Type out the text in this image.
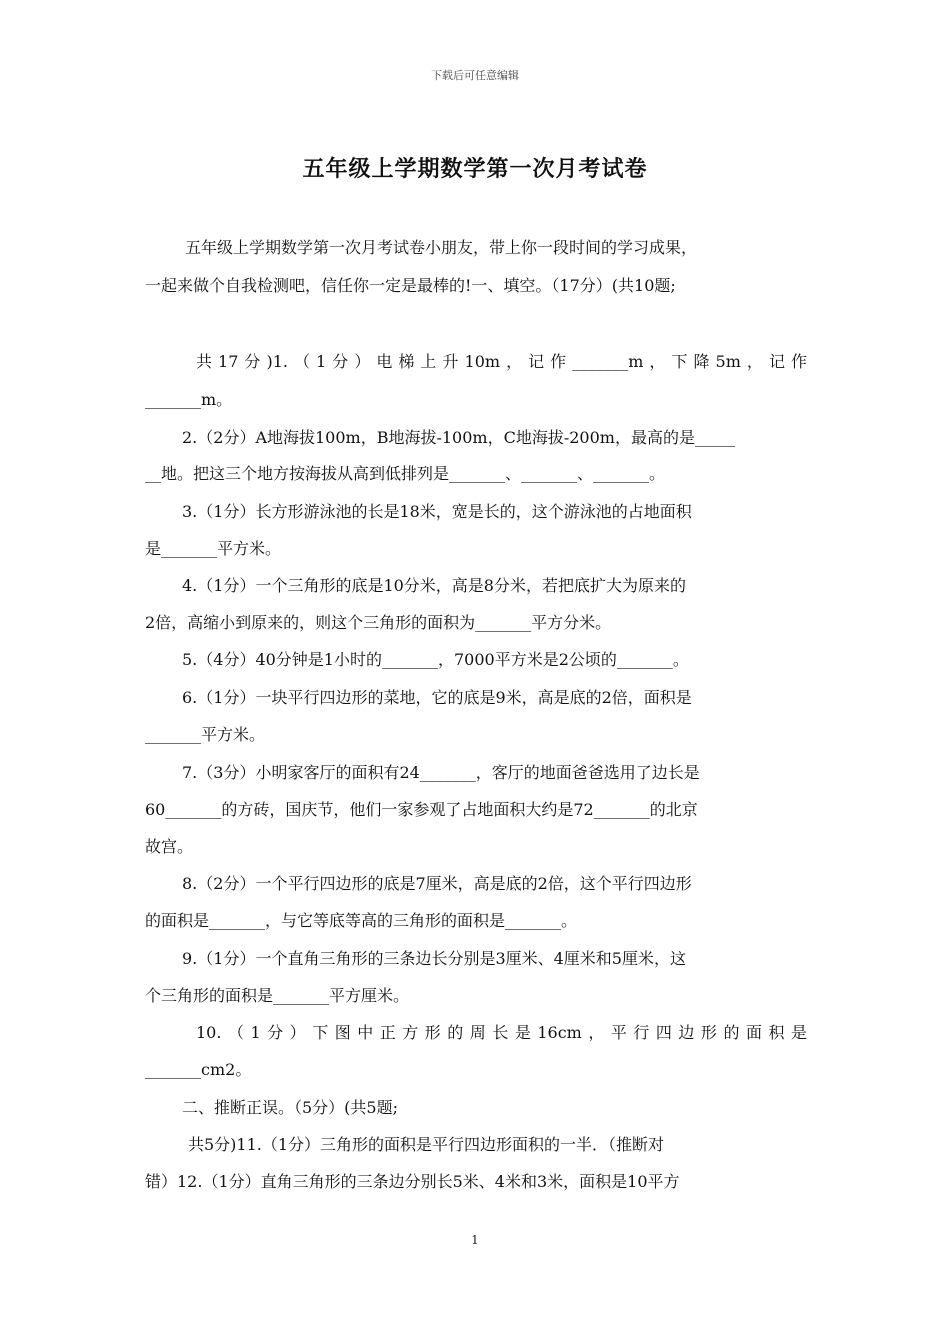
下载后可任意编辑
五年级上学期数学第一次月考试卷
五年级上学期数学第一次月考试卷小朋友，带上你一段时间的学习成果，
一起来做个自我检测吧，信任你一定是最棒的!一、填空。（17分）(共10题;
共17分)1.（1分）电梯上升10m，记作_______m，下降5m，记作
_______m。
2.（2分）A地海拔100m，B地海拔-100m，C地海拔-200m，最高的是_____
__地。把这三个地方按海拔从高到低排列是_______、_______、_______。
3.（1分）长方形游泳池的长是18米，宽是长的，这个游泳池的占地面积
是_______平方米。
4.（1分）一个三角形的底是10分米，高是8分米，若把底扩大为原来的
2倍，高缩小到原来的，则这个三角形的面积为_______平方分米。
5.（4分）40分钟是1小时的_______，7000平方米是2公顷的_______。
6.（1分）一块平行四边形的菜地，它的底是9米，高是底的2倍，面积是
_______平方米。
7.（3分）小明家客厅的面积有24_______，客厅的地面爸爸选用了边长是
60_______的方砖，国庆节，他们一家参观了占地面积大约是72_______的北京
故宫。
8.（2分）一个平行四边形的底是7厘米，高是底的2倍，这个平行四边形
的面积是_______，与它等底等高的三角形的面积是_______。
9.（1分）一个直角三角形的三条边长分别是3厘米、4厘米和5厘米，这
个三角形的面积是_______平方厘米。
10.（1分）下图中正方形的周长是16cm，平行四边形的面积是
_______cm2。
二、推断正误。（5分）(共5题;
共5分)11.（1分）三角形的面积是平行四边形面积的一半．（推断对
错）12.（1分）直角三角形的三条边分别长5米、4米和3米，面积是10平方
1
